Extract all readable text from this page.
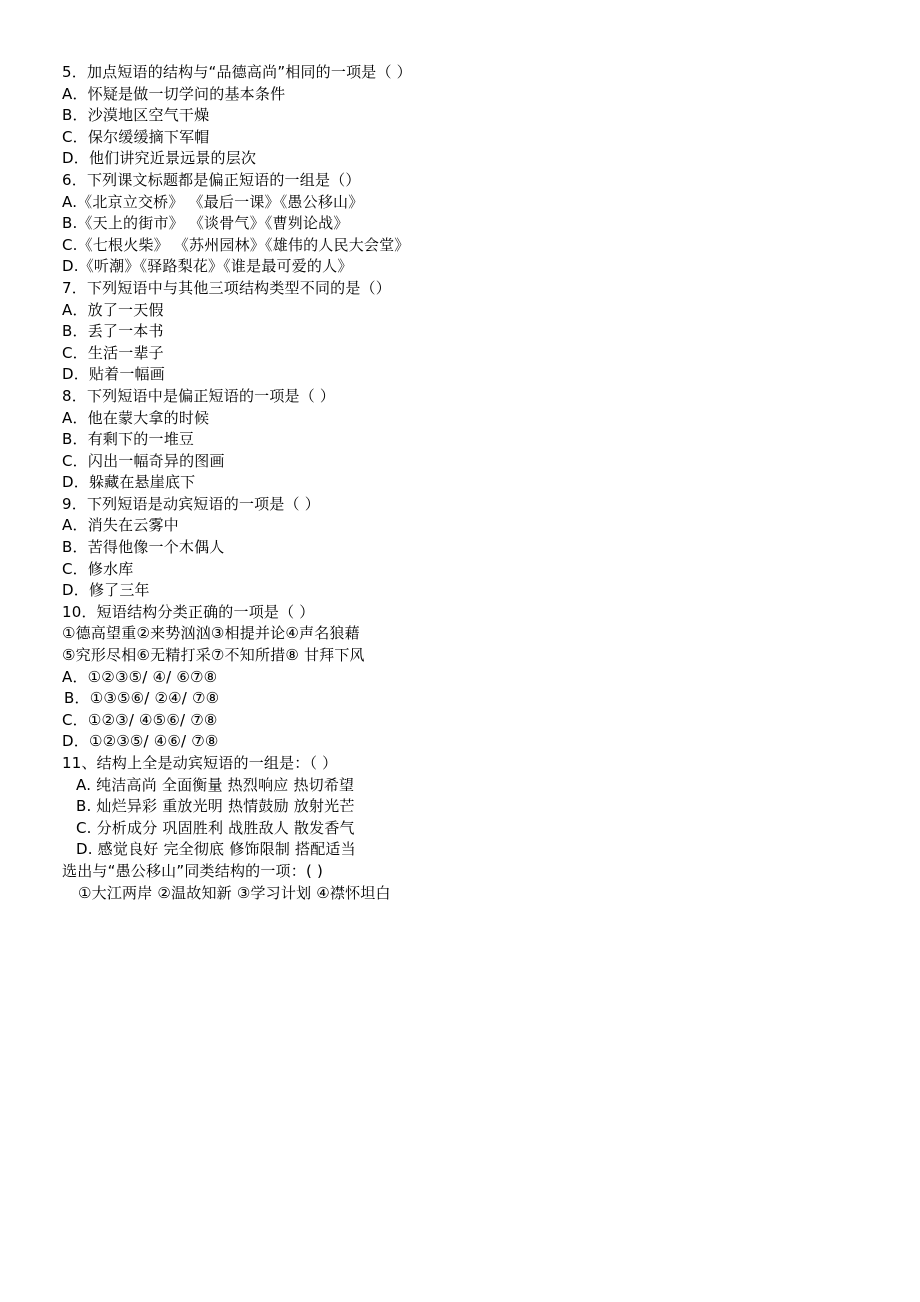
5．加点短语的结构与“品德高尚”相同的一项是（ ）
A．怀疑是做一切学问的基本条件
B．沙漠地区空气干燥
C．保尔缓缓摘下军帽
D．他们讲究近景远景的层次
6．下列课文标题都是偏正短语的一组是（）
A.《北京立交桥》 《最后一课》《愚公移山》
B.《天上的街市》 《谈骨气》《曹刿论战》
C.《七根火柴》 《苏州园林》《雄伟的人民大会堂》
D.《听潮》《驿路梨花》《谁是最可爱的人》
7．下列短语中与其他三项结构类型不同的是（）
A．放了一天假
B．丢了一本书
C．生活一辈子
D．贴着一幅画
8．下列短语中是偏正短语的一项是（ ）
A．他在蒙大拿的时候
B．有剩下的一堆豆
C．闪出一幅奇异的图画
D．躲藏在悬崖底下
9．下列短语是动宾短语的一项是（ ）
A．消失在云雾中
B．苦得他像一个木偶人
C．修水库
D．修了三年
10．短语结构分类正确的一项是（ ）
①德高望重②来势汹汹③相提并论④声名狼藉
⑤究形尽相⑥无精打采⑦不知所措⑧ 甘拜下风
A．①②③⑤/ ④/ ⑥⑦⑧
B．①③⑤⑥/ ②④/ ⑦⑧
C．①②③/ ④⑤⑥/ ⑦⑧
D．①②③⑤/ ④⑥/ ⑦⑧
11、结构上全是动宾短语的一组是：（ ）
A. 纯洁高尚 全面衡量 热烈响应 热切希望
B. 灿烂异彩 重放光明 热情鼓励 放射光芒
C. 分析成分 巩固胜利 战胜敌人 散发香气
D. 感觉良好 完全彻底 修饰限制 搭配适当
选出与“愚公移山”同类结构的一项：( )
①大江两岸 ②温故知新 ③学习计划 ④襟怀坦白
